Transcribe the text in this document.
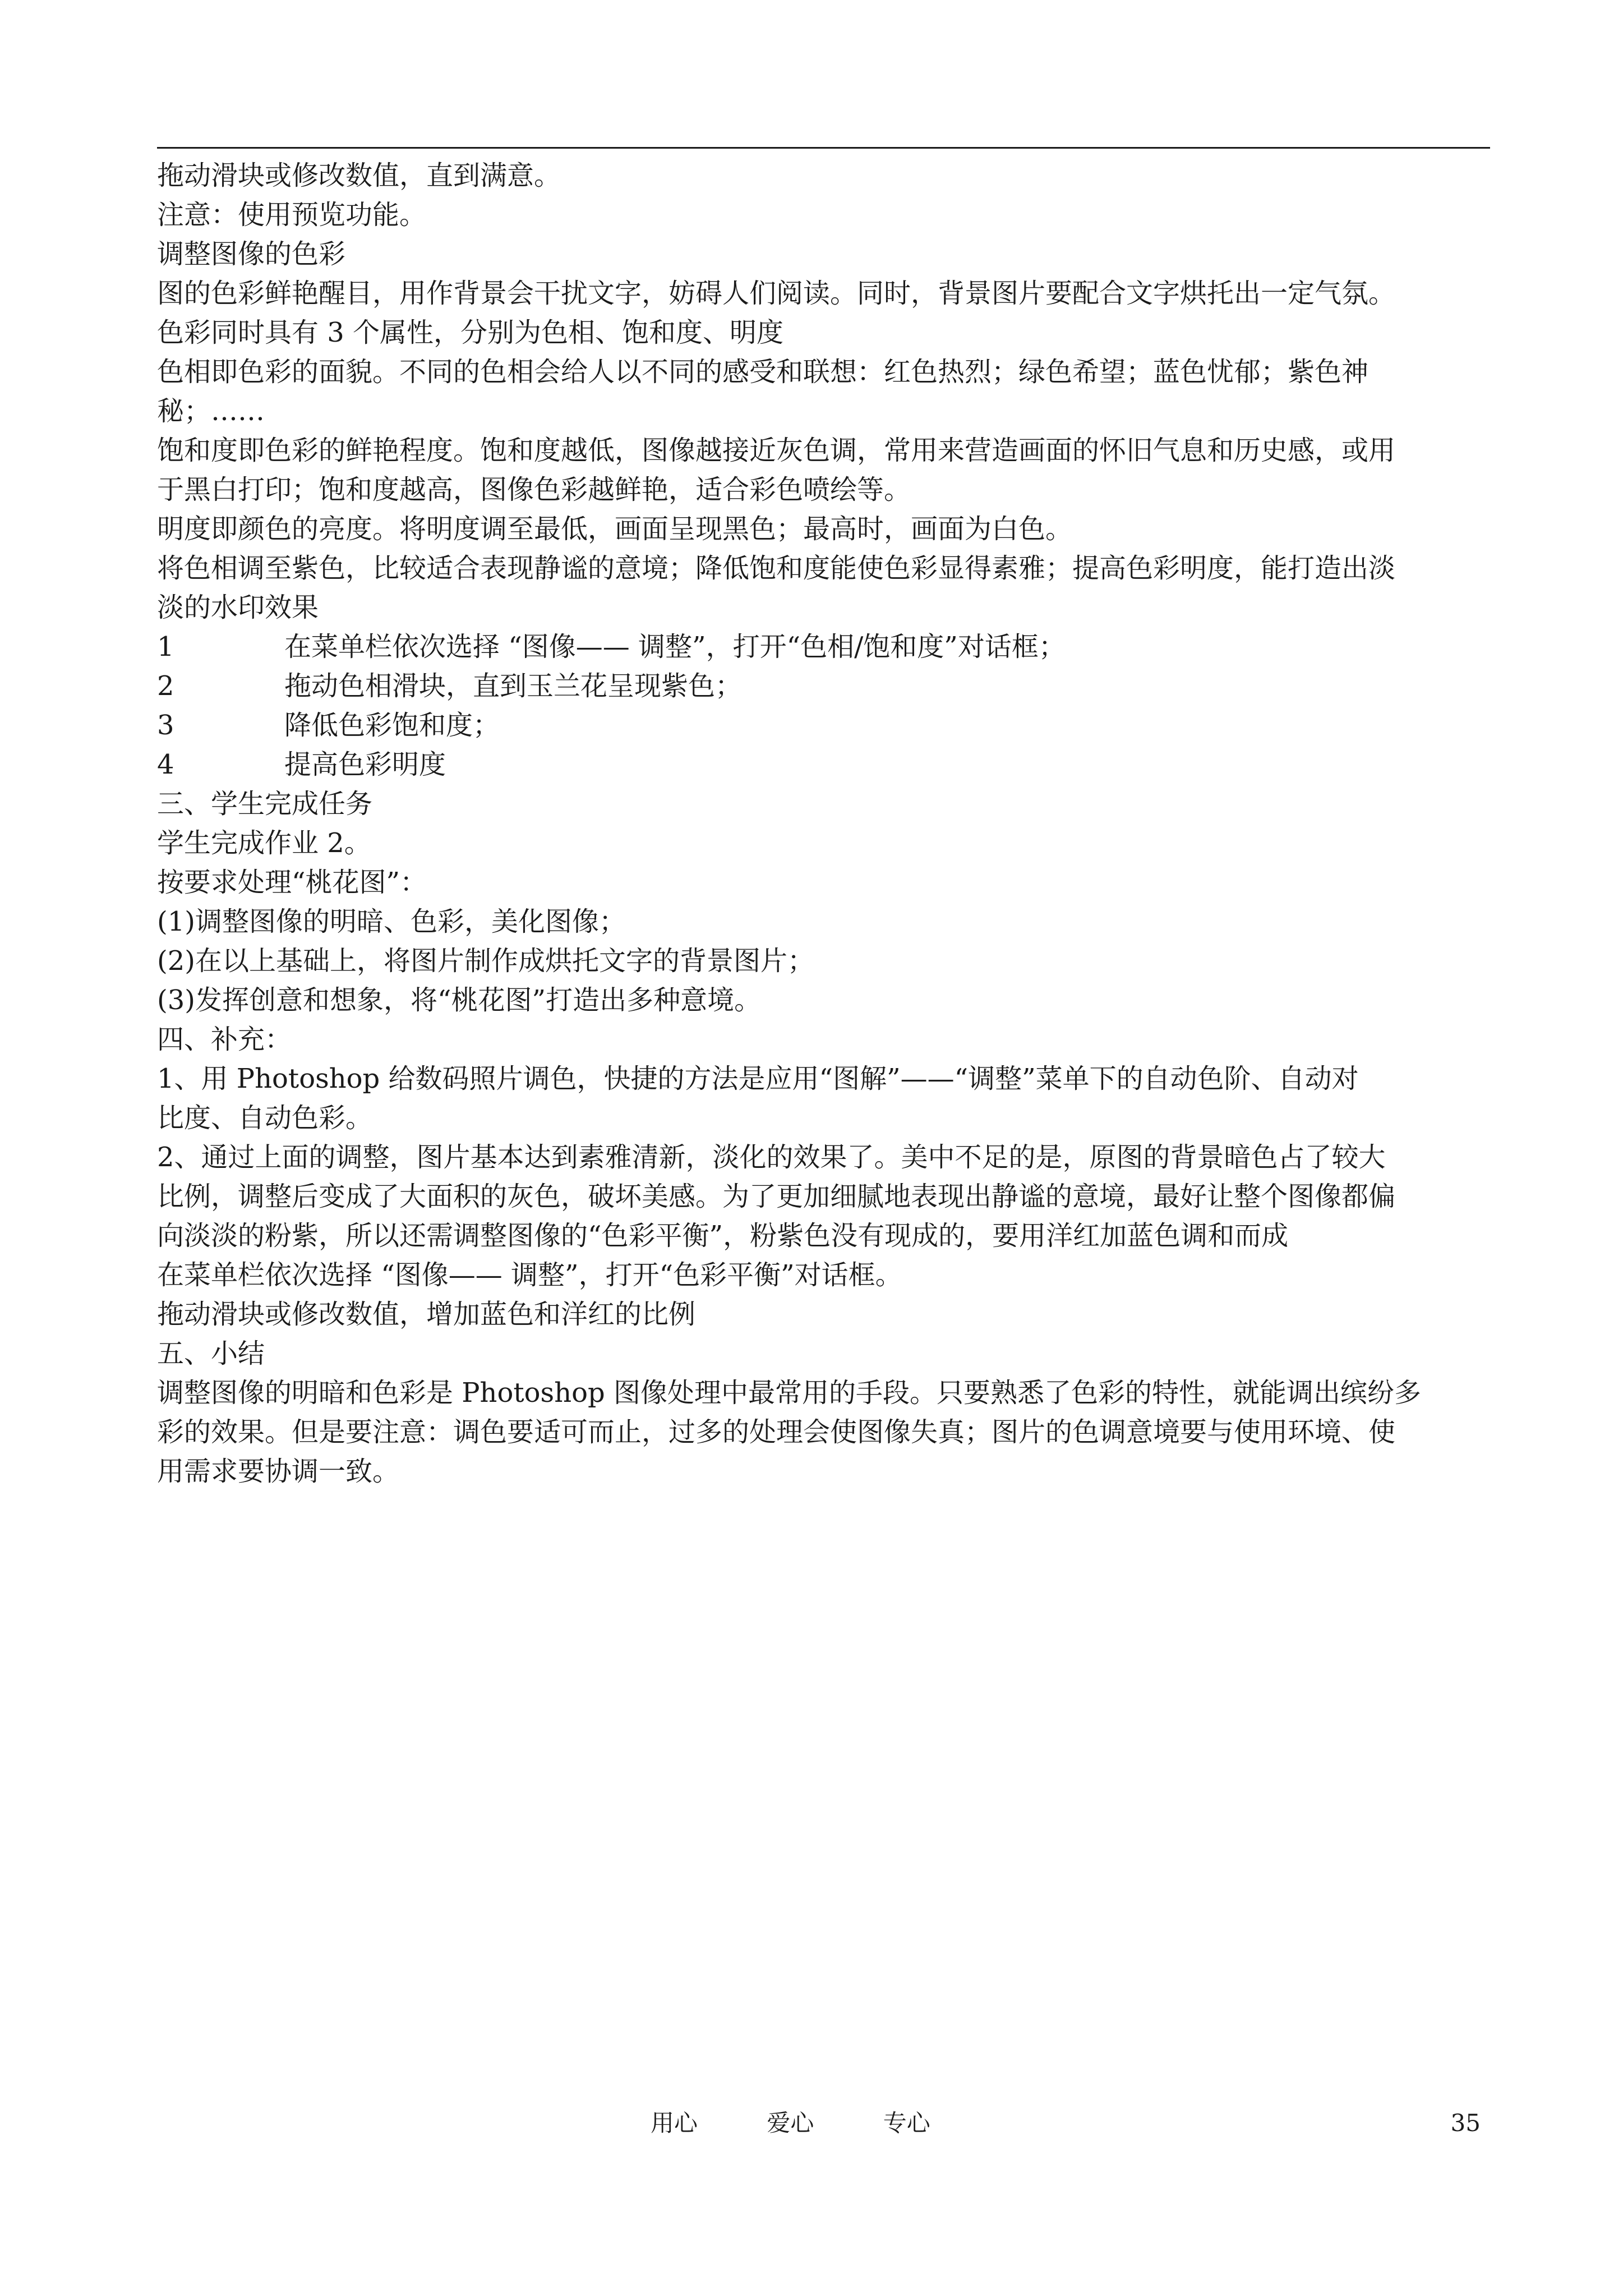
拖动滑块或修改数值，直到满意。
注意：使用预览功能。
调整图像的色彩
图的色彩鲜艳醒目，用作背景会干扰文字，妨碍人们阅读。同时，背景图片要配合文字烘托出一定气氛。
色彩同时具有 3 个属性，分别为色相、饱和度、明度
色相即色彩的面貌。不同的色相会给人以不同的感受和联想：红色热烈；绿色希望；蓝色忧郁；紫色神
秘；……
饱和度即色彩的鲜艳程度。饱和度越低，图像越接近灰色调，常用来营造画面的怀旧气息和历史感，或用
于黑白打印；饱和度越高，图像色彩越鲜艳，适合彩色喷绘等。
明度即颜色的亮度。将明度调至最低，画面呈现黑色；最高时，画面为白色。
将色相调至紫色，比较适合表现静谧的意境；降低饱和度能使色彩显得素雅；提高色彩明度，能打造出淡
淡的水印效果
1	在菜单栏依次选择 “图像—— 调整”，打开“色相/饱和度”对话框；
2	拖动色相滑块，直到玉兰花呈现紫色；
3	降低色彩饱和度；
4	提高色彩明度
三、学生完成任务
学生完成作业 2。
按要求处理“桃花图”：
(1)调整图像的明暗、色彩，美化图像；
(2)在以上基础上，将图片制作成烘托文字的背景图片；
(3)发挥创意和想象，将“桃花图”打造出多种意境。
四、补充：
1、用 Photoshop 给数码照片调色，快捷的方法是应用“图解”——“调整”菜单下的自动色阶、自动对
比度、自动色彩。
2、通过上面的调整，图片基本达到素雅清新，淡化的效果了。美中不足的是，原图的背景暗色占了较大
比例，调整后变成了大面积的灰色，破坏美感。为了更加细腻地表现出静谧的意境，最好让整个图像都偏
向淡淡的粉紫，所以还需调整图像的“色彩平衡”，粉紫色没有现成的，要用洋红加蓝色调和而成
在菜单栏依次选择 “图像—— 调整”，打开“色彩平衡”对话框。
拖动滑块或修改数值，增加蓝色和洋红的比例
五、小结
调整图像的明暗和色彩是 Photoshop 图像处理中最常用的手段。只要熟悉了色彩的特性，就能调出缤纷多
彩的效果。但是要注意：调色要适可而止，过多的处理会使图像失真；图片的色调意境要与使用环境、使
用需求要协调一致。
用心	爱心	专心	35
